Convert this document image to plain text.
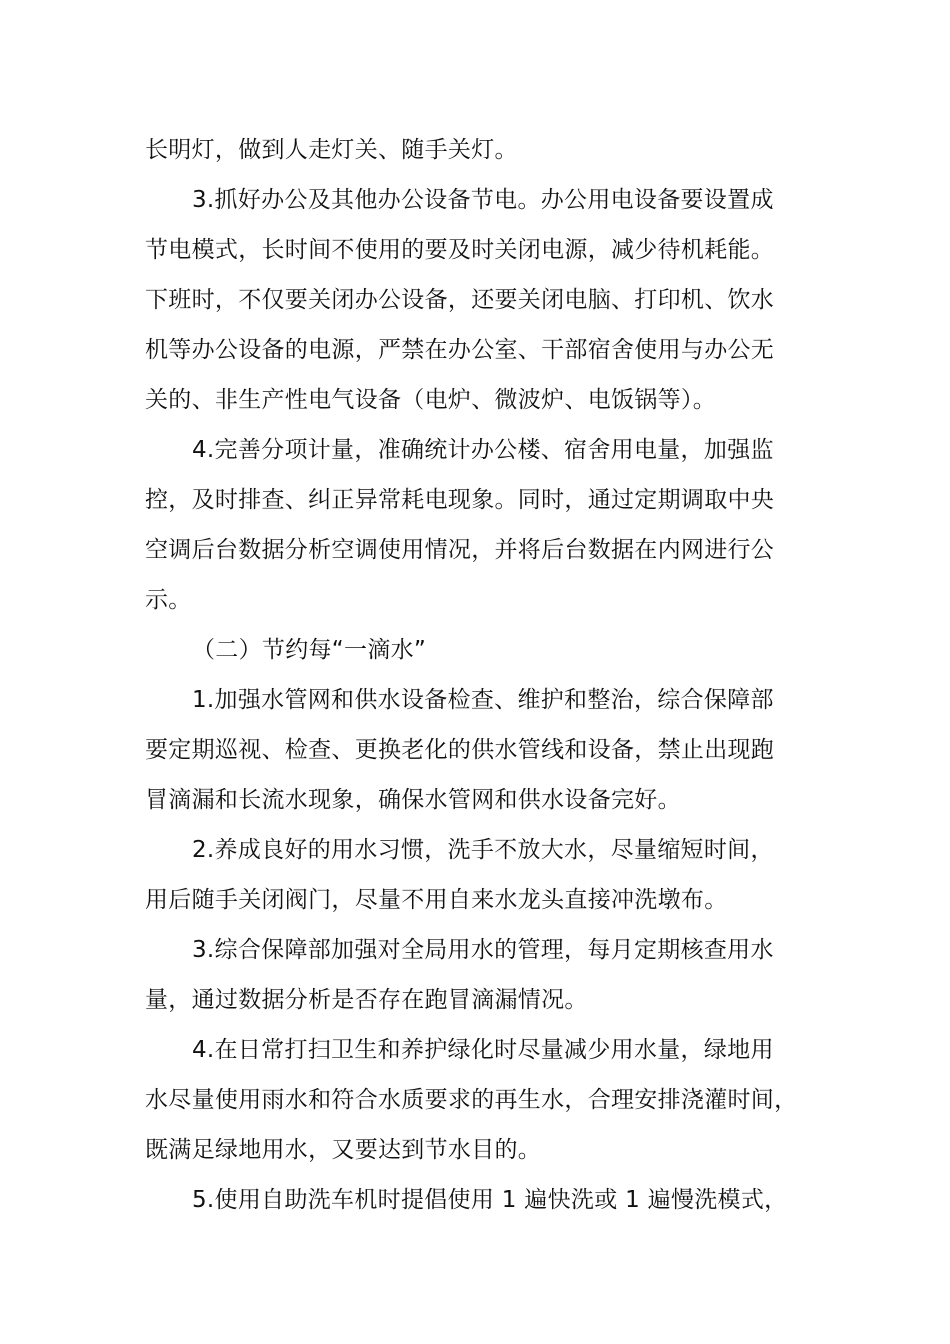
长明灯，做到人走灯关、随手关灯。
3.抓好办公及其他办公设备节电。办公用电设备要设置成
节电模式，长时间不使用的要及时关闭电源，减少待机耗能。
下班时，不仅要关闭办公设备，还要关闭电脑、打印机、饮水
机等办公设备的电源，严禁在办公室、干部宿舍使用与办公无
关的、非生产性电气设备（电炉、微波炉、电饭锅等）。
4.完善分项计量，准确统计办公楼、宿舍用电量，加强监
控，及时排查、纠正异常耗电现象。同时，通过定期调取中央
空调后台数据分析空调使用情况，并将后台数据在内网进行公
示。
（二）节约每“一滴水”
1.加强水管网和供水设备检查、维护和整治，综合保障部
要定期巡视、检查、更换老化的供水管线和设备，禁止出现跑
冒滴漏和长流水现象，确保水管网和供水设备完好。
2.养成良好的用水习惯，洗手不放大水，尽量缩短时间，
用后随手关闭阀门，尽量不用自来水龙头直接冲洗墩布。
3.综合保障部加强对全局用水的管理，每月定期核查用水
量，通过数据分析是否存在跑冒滴漏情况。
4.在日常打扫卫生和养护绿化时尽量减少用水量，绿地用
水尽量使用雨水和符合水质要求的再生水，合理安排浇灌时间，
既满足绿地用水，又要达到节水目的。
5.使用自助洗车机时提倡使用 1 遍快洗或 1 遍慢洗模式，
